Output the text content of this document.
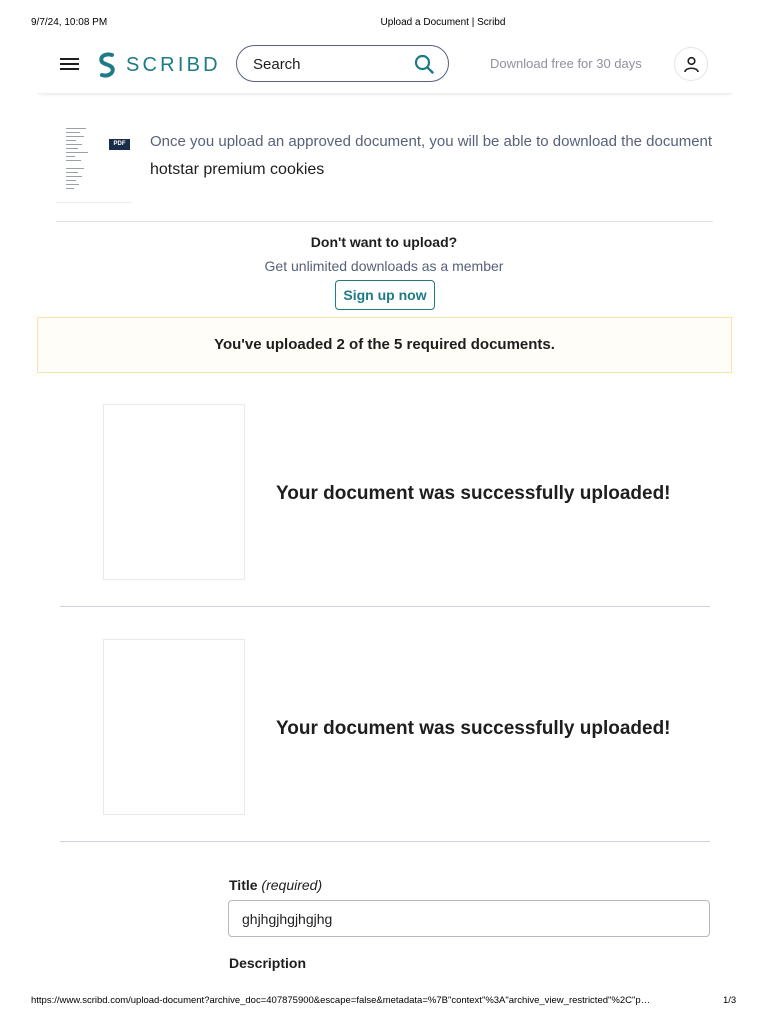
9/7/24, 10:08 PM	Upload a Document | Scribd
SCRIBD Search	Download free for 30 days
PDF	Once you upload an approved document, you will be able to download the document
hotstar premium cookies
Don't want to upload?
Get unlimited downloads as a member
Sign up now
You've uploaded 2 of the 5 required documents.
Your document was successfully uploaded!
Your document was successfully uploaded!
Title (required)
ghjhgjhgjhgjhg
Description
https://www.scribd.com/upload-document?archive_doc=407875900&escape=false&metadata=%7B"context"%3A"archive_view_restricted"%2C"p…	1/3
